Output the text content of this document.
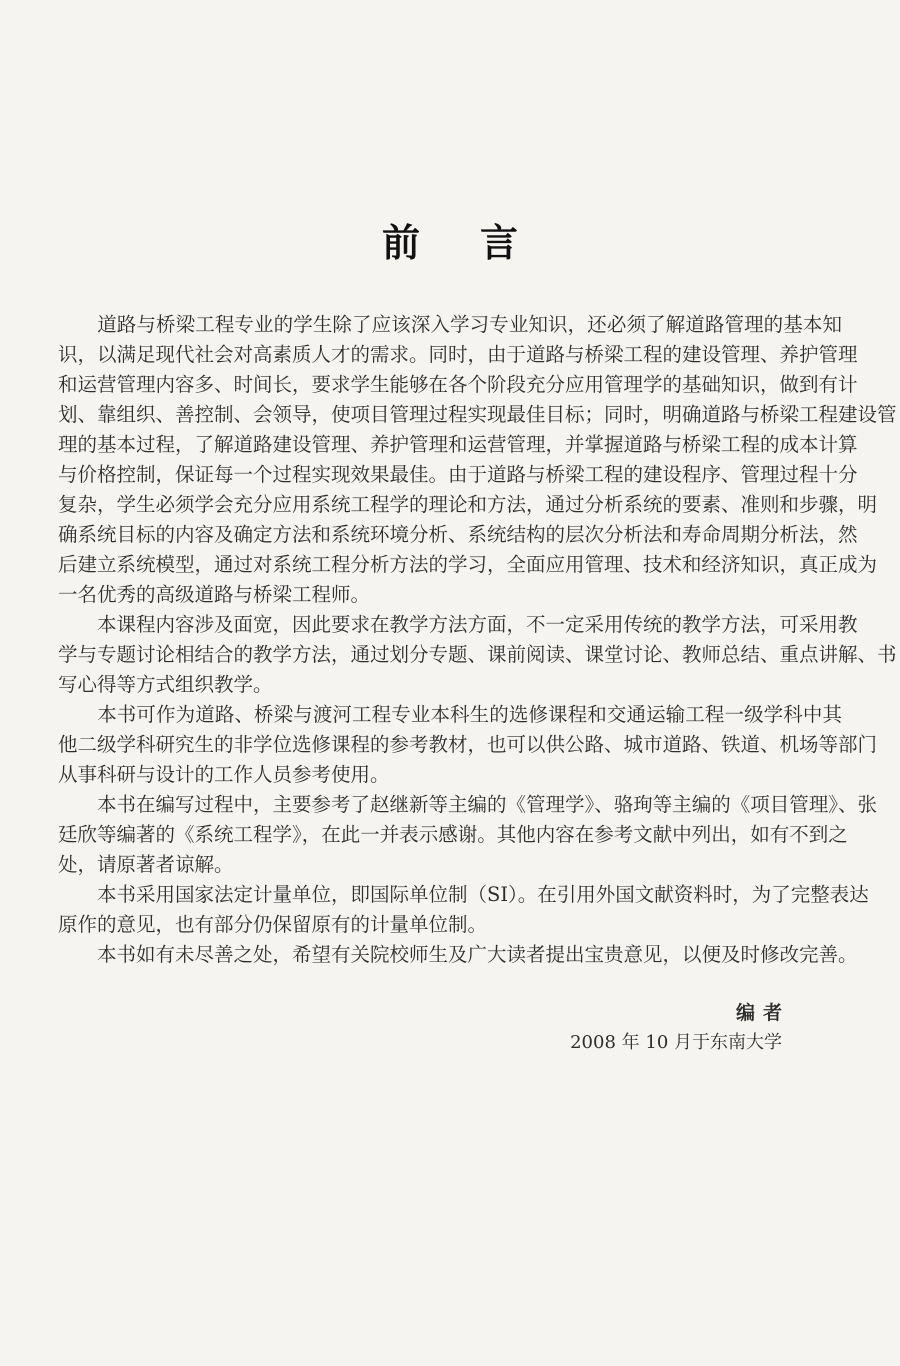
前言
　　道路与桥梁工程专业的学生除了应该深入学习专业知识，还必须了解道路管理的基本知
识，以满足现代社会对高素质人才的需求。同时，由于道路与桥梁工程的建设管理、养护管理
和运营管理内容多、时间长，要求学生能够在各个阶段充分应用管理学的基础知识，做到有计
划、靠组织、善控制、会领导，使项目管理过程实现最佳目标；同时，明确道路与桥梁工程建设管
理的基本过程，了解道路建设管理、养护管理和运营管理，并掌握道路与桥梁工程的成本计算
与价格控制，保证每一个过程实现效果最佳。由于道路与桥梁工程的建设程序、管理过程十分
复杂，学生必须学会充分应用系统工程学的理论和方法，通过分析系统的要素、准则和步骤，明
确系统目标的内容及确定方法和系统环境分析、系统结构的层次分析法和寿命周期分析法，然
后建立系统模型，通过对系统工程分析方法的学习，全面应用管理、技术和经济知识，真正成为
一名优秀的高级道路与桥梁工程师。
　　本课程内容涉及面宽，因此要求在教学方法方面，不一定采用传统的教学方法，可采用教
学与专题讨论相结合的教学方法，通过划分专题、课前阅读、课堂讨论、教师总结、重点讲解、书
写心得等方式组织教学。
　　本书可作为道路、桥梁与渡河工程专业本科生的选修课程和交通运输工程一级学科中其
他二级学科研究生的非学位选修课程的参考教材，也可以供公路、城市道路、铁道、机场等部门
从事科研与设计的工作人员参考使用。
　　本书在编写过程中，主要参考了赵继新等主编的《管理学》、骆珣等主编的《项目管理》、张
廷欣等编著的《系统工程学》，在此一并表示感谢。其他内容在参考文献中列出，如有不到之
处，请原著者谅解。
　　本书采用国家法定计量单位，即国际单位制（SI）。在引用外国文献资料时，为了完整表达
原作的意见，也有部分仍保留原有的计量单位制。
　　本书如有未尽善之处，希望有关院校师生及广大读者提出宝贵意见，以便及时修改完善。
编者
2008 年 10 月于东南大学
